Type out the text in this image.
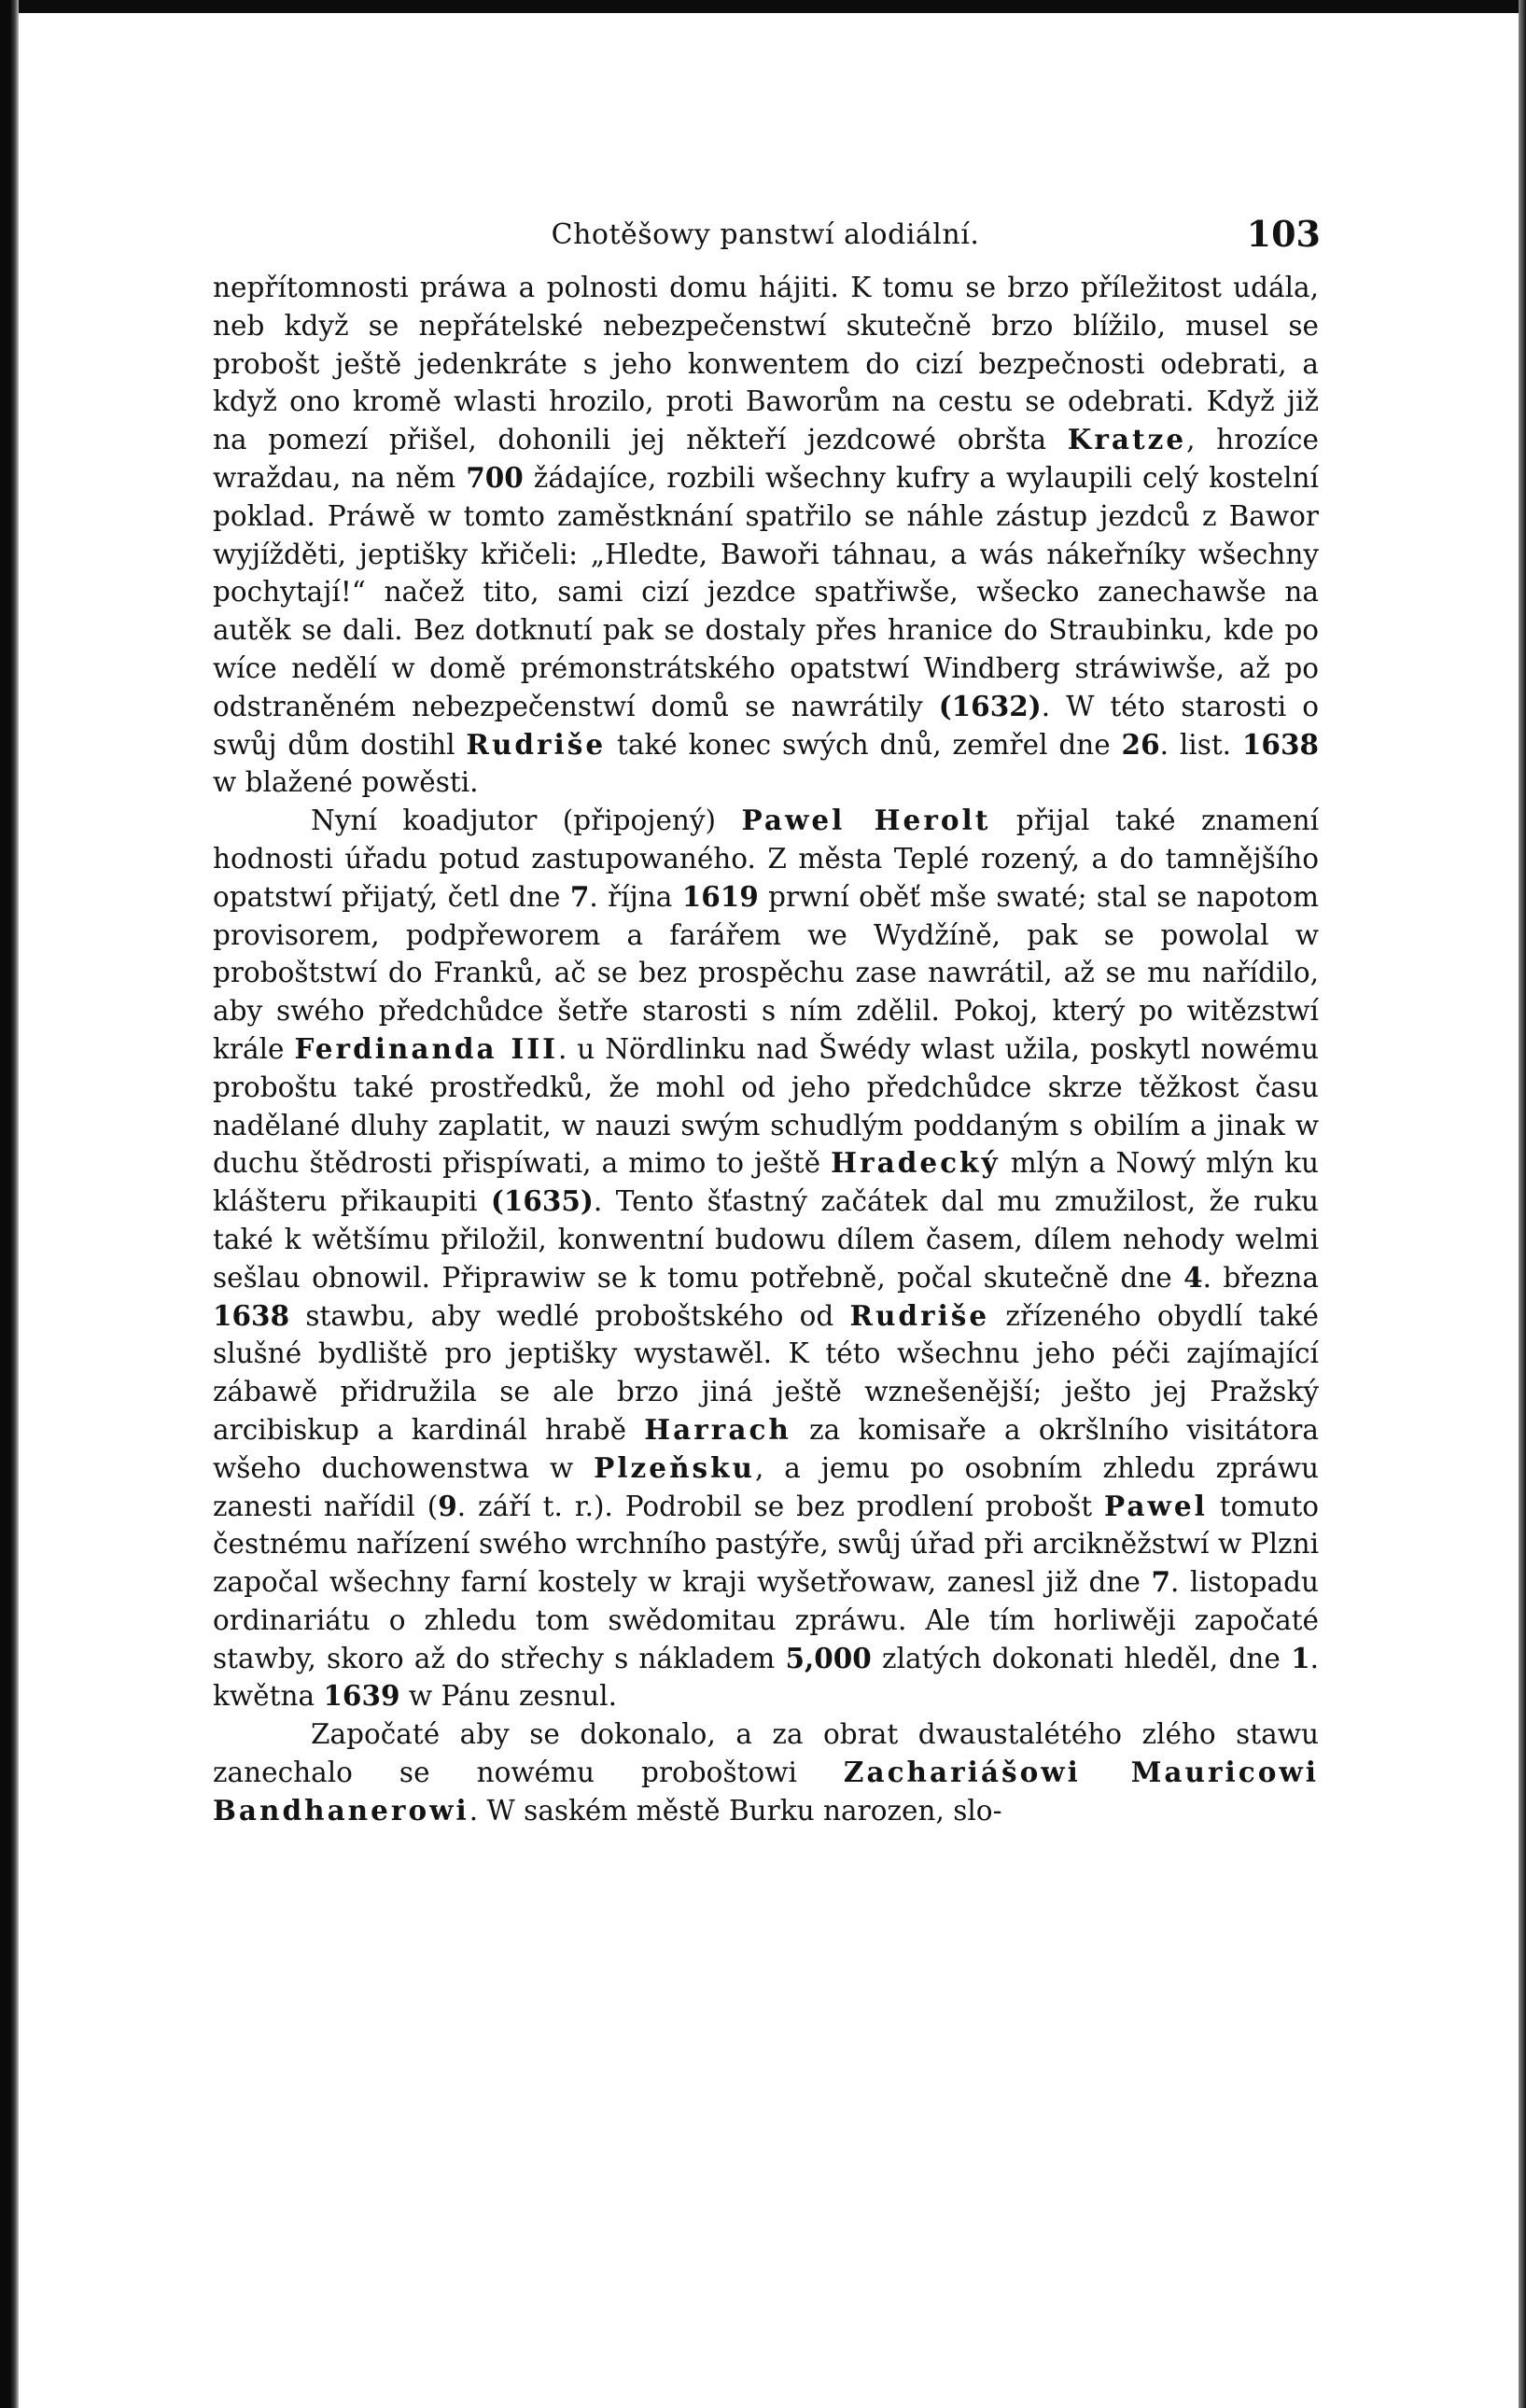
Chotěšowy panstwí alodiální.	103

nepřítomnosti práwa a polnosti domu hájiti. K tomu se brzo příležitost udála, neb když se nepřátelské nebezpečenstwí skutečně brzo blížilo, musel se probošt ještě jedenkráte s jeho konwentem do cizí bezpečnosti odebrati, a když ono kromě wlasti hrozilo, proti Baworům na cestu se odebrati. Když již na pomezí přišel, dohonili jej někteří jezdcowé obršta Kratze, hrozíce wraždau, na něm 700 žádajíce, rozbili wšechny kufry a wylaupili celý kostelní poklad. Práwě w tomto zaměstknání spatřilo se náhle zástup jezdců z Bawor wyjížděti, jeptišky křičeli: „Hledte, Bawoři táhnau, a wás nákeřníky wšechny pochytají!“ načež tito, sami cizí jezdce spatřiwše, wšecko zanechawše na autěk se dali. Bez dotknutí pak se dostaly přes hranice do Straubinku, kde po wíce nedělí w domě prémonstrátského opatstwí Windberg stráwiwše, až po odstraněném nebezpečenstwí domů se nawrátily (1632). W této starosti o swůj dům dostihl Rudriše také konec swých dnů, zemřel dne 26. list. 1638 w blažené powěsti.

Nyní koadjutor (připojený) Pawel Herolt přijal také znamení hodnosti úřadu potud zastupowaného. Z města Teplé rozený, a do tamnějšího opatstwí přijatý, četl dne 7. října 1619 prwní oběť mše swaté; stal se napotom provisorem, podpřeworem a farářem we Wydžíně, pak se powolal w proboštstwí do Franků, ač se bez prospěchu zase nawrátil, až se mu nařídilo, aby swého předchůdce šetře starosti s ním zdělil. Pokoj, který po witězstwí krále Ferdinanda III. u Nördlinku nad Šwédy wlast užila, poskytl nowému proboštu také prostředků, že mohl od jeho předchůdce skrze těžkost času nadělané dluhy zaplatit, w nauzi swým schudlým poddaným s obilím a jinak w duchu štědrosti přispíwati, a mimo to ještě Hradecký mlýn a Nowý mlýn ku klášteru přikaupiti (1635). Tento šťastný začátek dal mu zmužilost, že ruku také k wětšímu přiložil, konwentní budowu dílem časem, dílem nehody welmi sešlau obnowil. Připrawiw se k tomu potřebně, počal skutečně dne 4. března 1638 stawbu, aby wedlé proboštského od Rudriše zřízeného obydlí také slušné bydliště pro jeptišky wystawěl. K této wšechnu jeho péči zajímající zábawě přidružila se ale brzo jiná ještě wznešenější; ješto jej Pražský arcibiskup a kardinál hrabě Harrach za komisaře a okršlního visitátora wšeho duchowenstwa w Plzeňsku, a jemu po osobním zhledu zpráwu zanesti nařídil (9. září t. r.). Podrobil se bez prodlení probošt Pawel tomuto čestnému nařízení swého wrchního pastýře, swůj úřad při arcikněžstwí w Plzni započal wšechny farní kostely w kraji wyšetřowaw, zanesl již dne 7. listopadu ordinariátu o zhledu tom swědomitau zpráwu. Ale tím horliwěji započaté stawby, skoro až do střechy s nákladem 5,000 zlatých dokonati hleděl, dne 1. kwětna 1639 w Pánu zesnul.

Započaté aby se dokonalo, a za obrat dwaustalétého zlého stawu zanechalo se nowému proboštowi Zachariášowi Mauricowi Bandhanerowi. W saském městě Burku narozen, slo-
